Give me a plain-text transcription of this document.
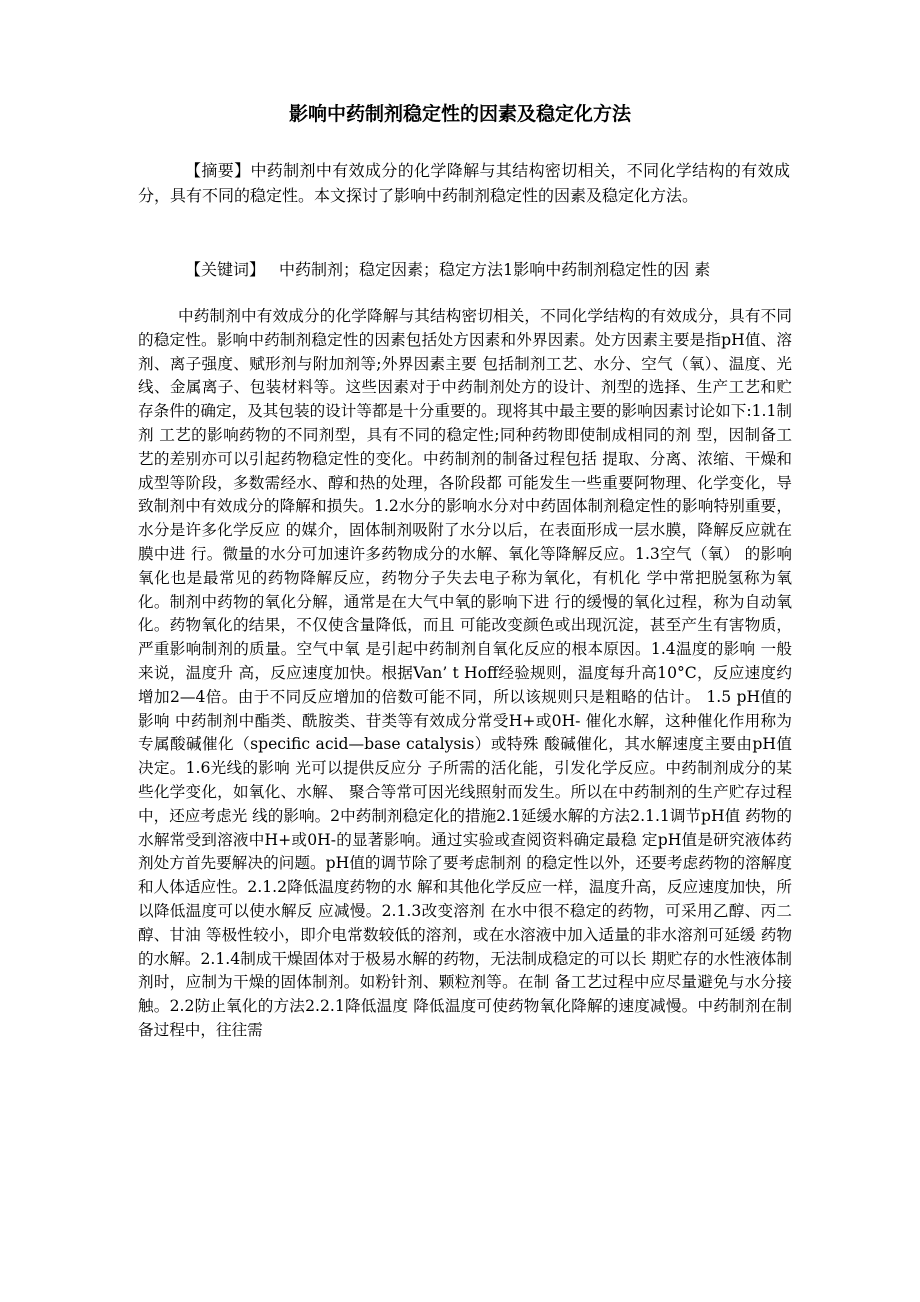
影响中药制剂稳定性的因素及稳定化方法

【摘要】中药制剂中有效成分的化学降解与其结构密切相关，不同化学结构的有效成分，具有不同的稳定性。本文探讨了影响中药制剂稳定性的因素及稳定化方法。

【关键词】 中药制剂；稳定因素；稳定方法1影响中药制剂稳定性的因 素

中药制剂中有效成分的化学降解与其结构密切相关，不同化学结构的有效成分，具有不同的稳定性。影响中药制剂稳定性的因素包括处方因素和外界因素。处方因素主要是指pH值、溶剂、离子强度、赋形剂与附加剂等;外界因素主要 包括制剂工艺、水分、空气（氧）、温度、光线、金属离子、包装材料等。这些因素对于中药制剂处方的设计、剂型的选择、生产工艺和贮存条件的确定，及其包装的设计等都是十分重要的。现将其中最主要的影响因素讨论如下:1.1制剂 工艺的影响药物的不同剂型，具有不同的稳定性;同种药物即使制成相同的剂 型，因制备工艺的差别亦可以引起药物稳定性的变化。中药制剂的制备过程包括 提取、分离、浓缩、干燥和成型等阶段，多数需经水、醇和热的处理，各阶段都 可能发生一些重要阿物理、化学变化，导致制剂中有效成分的降解和损失。1.2水分的影响水分对中药固体制剂稳定性的影响特别重要，水分是许多化学反应 的媒介，固体制剂吸附了水分以后，在表面形成一层水膜，降解反应就在膜中进 行。微量的水分可加速许多药物成分的水解、氧化等降解反应。1.3空气（氧） 的影响 氧化也是最常见的药物降解反应，药物分子失去电子称为氧化，有机化 学中常把脱氢称为氧化。制剂中药物的氧化分解，通常是在大气中氧的影响下进 行的缓慢的氧化过程，称为自动氧化。药物氧化的结果，不仅使含量降低，而且 可能改变颜色或出现沉淀，甚至产生有害物质，严重影响制剂的质量。空气中氧 是引起中药制剂自氧化反应的根本原因。1.4温度的影响 一般来说，温度升 高，反应速度加快。根据Van’ t Hoff经验规则，温度每升高10°C，反应速度约 增加2—4倍。由于不同反应增加的倍数可能不同，所以该规则只是粗略的估计。 1.5 pH值的影响 中药制剂中酯类、酰胺类、苷类等有效成分常受H+或0H- 催化水解，这种催化作用称为专属酸碱催化（specific acid—base catalysis）或特殊 酸碱催化，其水解速度主要由pH值决定。1.6光线的影响 光可以提供反应分 子所需的活化能，引发化学反应。中药制剂成分的某些化学变化，如氧化、水解、 聚合等常可因光线照射而发生。所以在中药制剂的生产贮存过程中，还应考虑光 线的影响。2中药制剂稳定化的措施2.1延缓水解的方法2.1.1调节pH值 药物的水解常受到溶液中H+或0H-的显著影响。通过实验或查阅资料确定最稳 定pH值是研究液体药剂处方首先要解决的问题。pH值的调节除了要考虑制剂 的稳定性以外，还要考虑药物的溶解度和人体适应性。2.1.2降低温度药物的水 解和其他化学反应一样，温度升高，反应速度加快，所以降低温度可以使水解反 应减慢。2.1.3改变溶剂 在水中很不稳定的药物，可采用乙醇、丙二醇、甘油 等极性较小，即介电常数较低的溶剂，或在水溶液中加入适量的非水溶剂可延缓 药物的水解。2.1.4制成干燥固体对于极易水解的药物，无法制成稳定的可以长 期贮存的水性液体制剂时，应制为干燥的固体制剂。如粉针剂、颗粒剂等。在制 备工艺过程中应尽量避免与水分接触。2.2防止氧化的方法2.2.1降低温度 降低温度可使药物氧化降解的速度减慢。中药制剂在制备过程中，往往需
